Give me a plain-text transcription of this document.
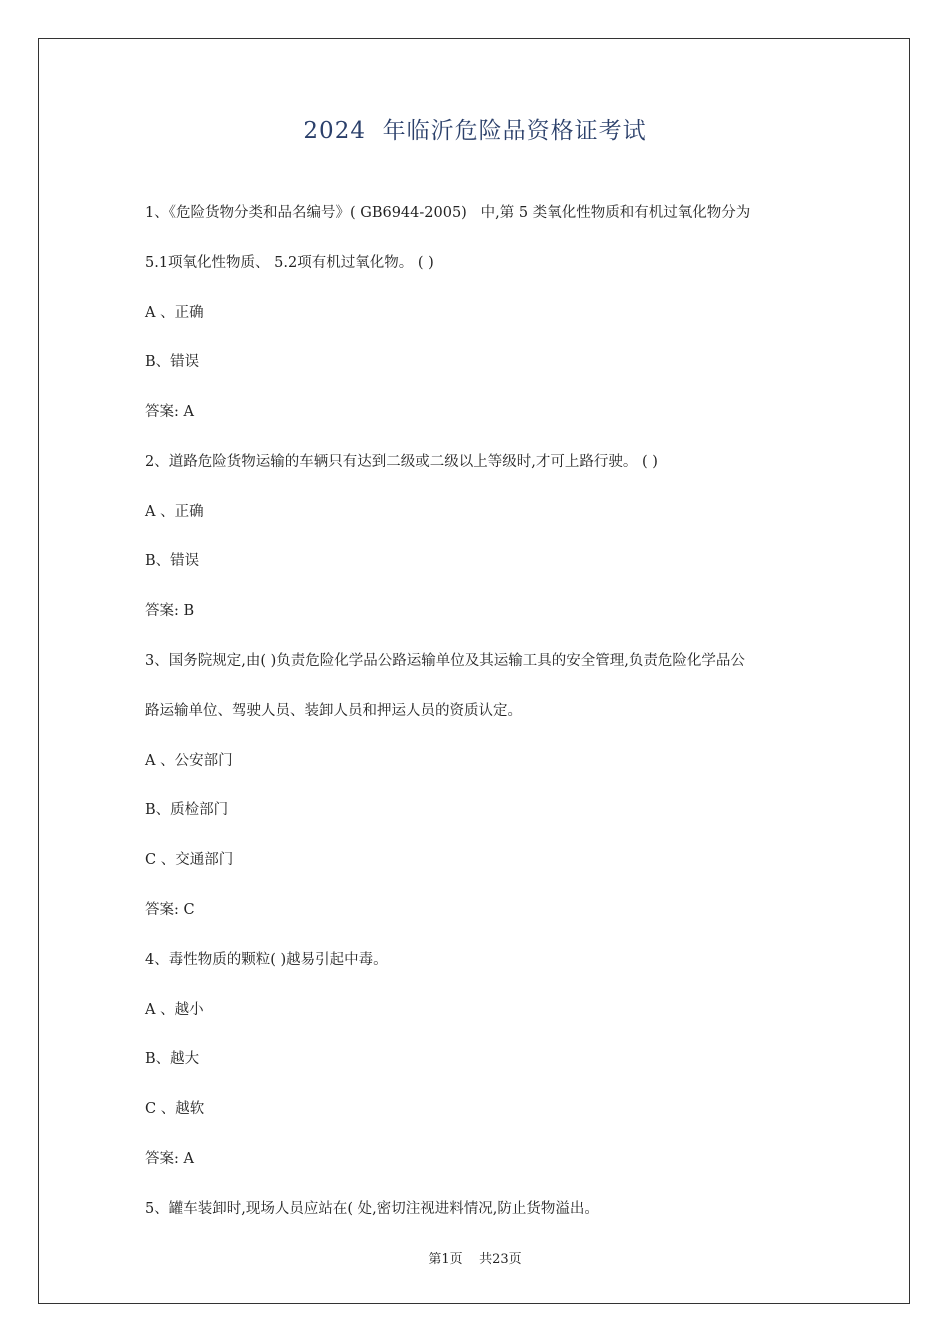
2024  年临沂危险品资格证考试
1、《危险货物分类和品名编号》( GB6944-2005)   中,第 5 类氧化性物质和有机过氧化物分为
5.1项氧化性物质、 5.2项有机过氧化物。 ( )
A 、正确
B、错误
答案: A
2、道路危险货物运输的车辆只有达到二级或二级以上等级时,才可上路行驶。 ( )
A 、正确
B、错误
答案: B
3、国务院规定,由( )负责危险化学品公路运输单位及其运输工具的安全管理,负责危险化学品公
路运输单位、驾驶人员、装卸人员和押运人员的资质认定。
A 、公安部门
B、质检部门
C 、交通部门
答案: C
4、毒性物质的颗粒( )越易引起中毒。
A 、越小
B、越大
C 、越软
答案: A
5、罐车装卸时,现场人员应站在( 处,密切注视进料情况,防止货物溢出。
第1页    共23页
